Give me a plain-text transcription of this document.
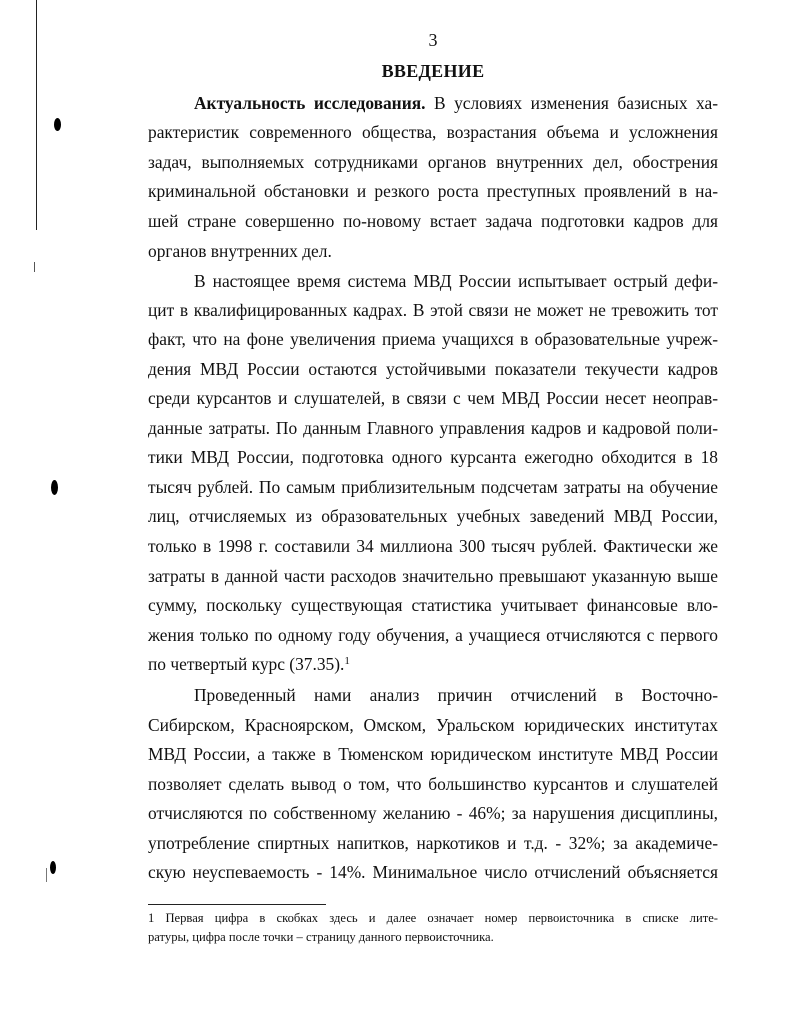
3
ВВЕДЕНИЕ
Актуальность исследования. В условиях изменения базисных ха-
рактеристик современного общества, возрастания объема и усложнения
задач, выполняемых сотрудниками органов внутренних дел, обострения
криминальной обстановки и резкого роста преступных проявлений в на-
шей стране совершенно по-новому встает задача подготовки кадров для
органов внутренних дел.
В настоящее время система МВД России испытывает острый дефи-
цит в квалифицированных кадрах. В этой связи не может не тревожить тот
факт, что на фоне увеличения приема учащихся в образовательные учреж-
дения МВД России остаются устойчивыми показатели текучести кадров
среди курсантов и слушателей, в связи с чем МВД России несет неоправ-
данные затраты. По данным Главного управления кадров и кадровой поли-
тики МВД России, подготовка одного курсанта ежегодно обходится в 18
тысяч рублей. По самым приблизительным подсчетам затраты на обучение
лиц, отчисляемых из образовательных учебных заведений МВД России,
только в 1998 г. составили 34 миллиона 300 тысяч рублей. Фактически же
затраты в данной части расходов значительно превышают указанную выше
сумму, поскольку существующая статистика учитывает финансовые вло-
жения только по одному году обучения, а учащиеся отчисляются с первого
по четвертый курс (37.35).$^1$
Проведенный нами анализ причин отчислений в Восточно-
Сибирском, Красноярском, Омском, Уральском юридических институтах
МВД России, а также в Тюменском юридическом институте МВД России
позволяет сделать вывод о том, что большинство курсантов и слушателей
отчисляются по собственному желанию - 46%; за нарушения дисциплины,
употребление спиртных напитков, наркотиков и т.д. - 32%; за академиче-
скую неуспеваемость - 14%. Минимальное число отчислений объясняется
1 Первая цифра в скобках здесь и далее означает номер первоисточника в списке лите-
ратуры, цифра после точки – страницу данного первоисточника.
